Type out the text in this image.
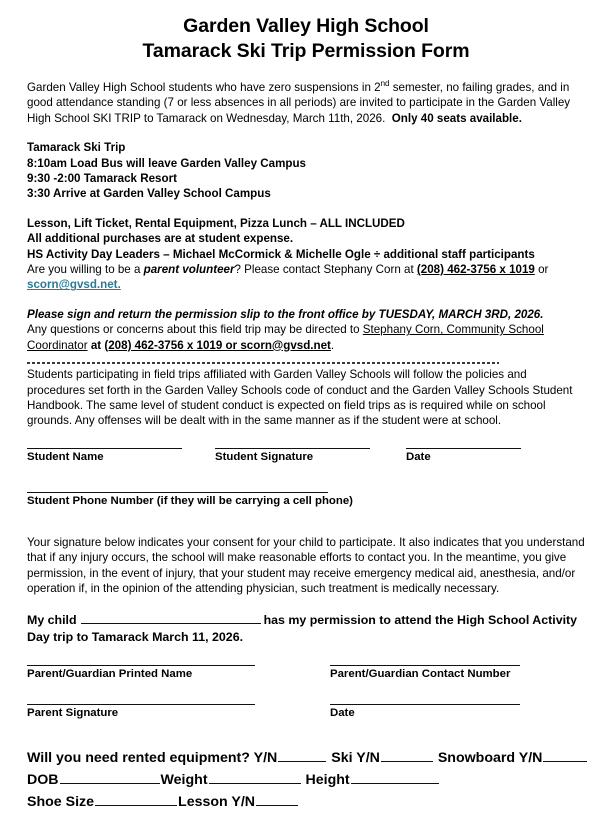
Garden Valley High School
Tamarack Ski Trip Permission Form
Garden Valley High School students who have zero suspensions in 2nd semester, no failing grades, and in good attendance standing (7 or less absences in all periods) are invited to participate in the Garden Valley High School SKI TRIP to Tamarack on Wednesday, March 11th, 2026. Only 40 seats available.
Tamarack Ski Trip
8:10am Load Bus will leave Garden Valley Campus
9:30 -2:00 Tamarack Resort
3:30 Arrive at Garden Valley School Campus
Lesson, Lift Ticket, Rental Equipment, Pizza Lunch – ALL INCLUDED
All additional purchases are at student expense.
HS Activity Day Leaders – Michael McCormick & Michelle Ogle ÷ additional staff participants
Are you willing to be a parent volunteer? Please contact Stephany Corn at (208) 462-3756 x 1019 or scorn@gvsd.net.
Please sign and return the permission slip to the front office by TUESDAY, MARCH 3RD, 2026.
Any questions or concerns about this field trip may be directed to Stephany Corn, Community School Coordinator at (208) 462-3756 x 1019 or scorn@gvsd.net.
Students participating in field trips affiliated with Garden Valley Schools will follow the policies and procedures set forth in the Garden Valley Schools code of conduct and the Garden Valley Schools Student Handbook. The same level of student conduct is expected on field trips as is required while on school grounds. Any offenses will be dealt with in the same manner as if the student were at school.
Student Name	Student Signature	Date
Student Phone Number (if they will be carrying a cell phone)
Your signature below indicates your consent for your child to participate. It also indicates that you understand that if any injury occurs, the school will make reasonable efforts to contact you. In the meantime, you give permission, in the event of injury, that your student may receive emergency medical aid, anesthesia, and/or operation if, in the opinion of the attending physician, such treatment is medically necessary.
My child	has my permission to attend the High School Activity Day trip to Tamarack March 11, 2026.
Parent/Guardian Printed Name	Parent/Guardian Contact Number
Parent Signature	Date
Will you need rented equipment? Y/N	Ski Y/N	Snowboard Y/N
DOB	Weight	Height
Shoe Size	Lesson Y/N
